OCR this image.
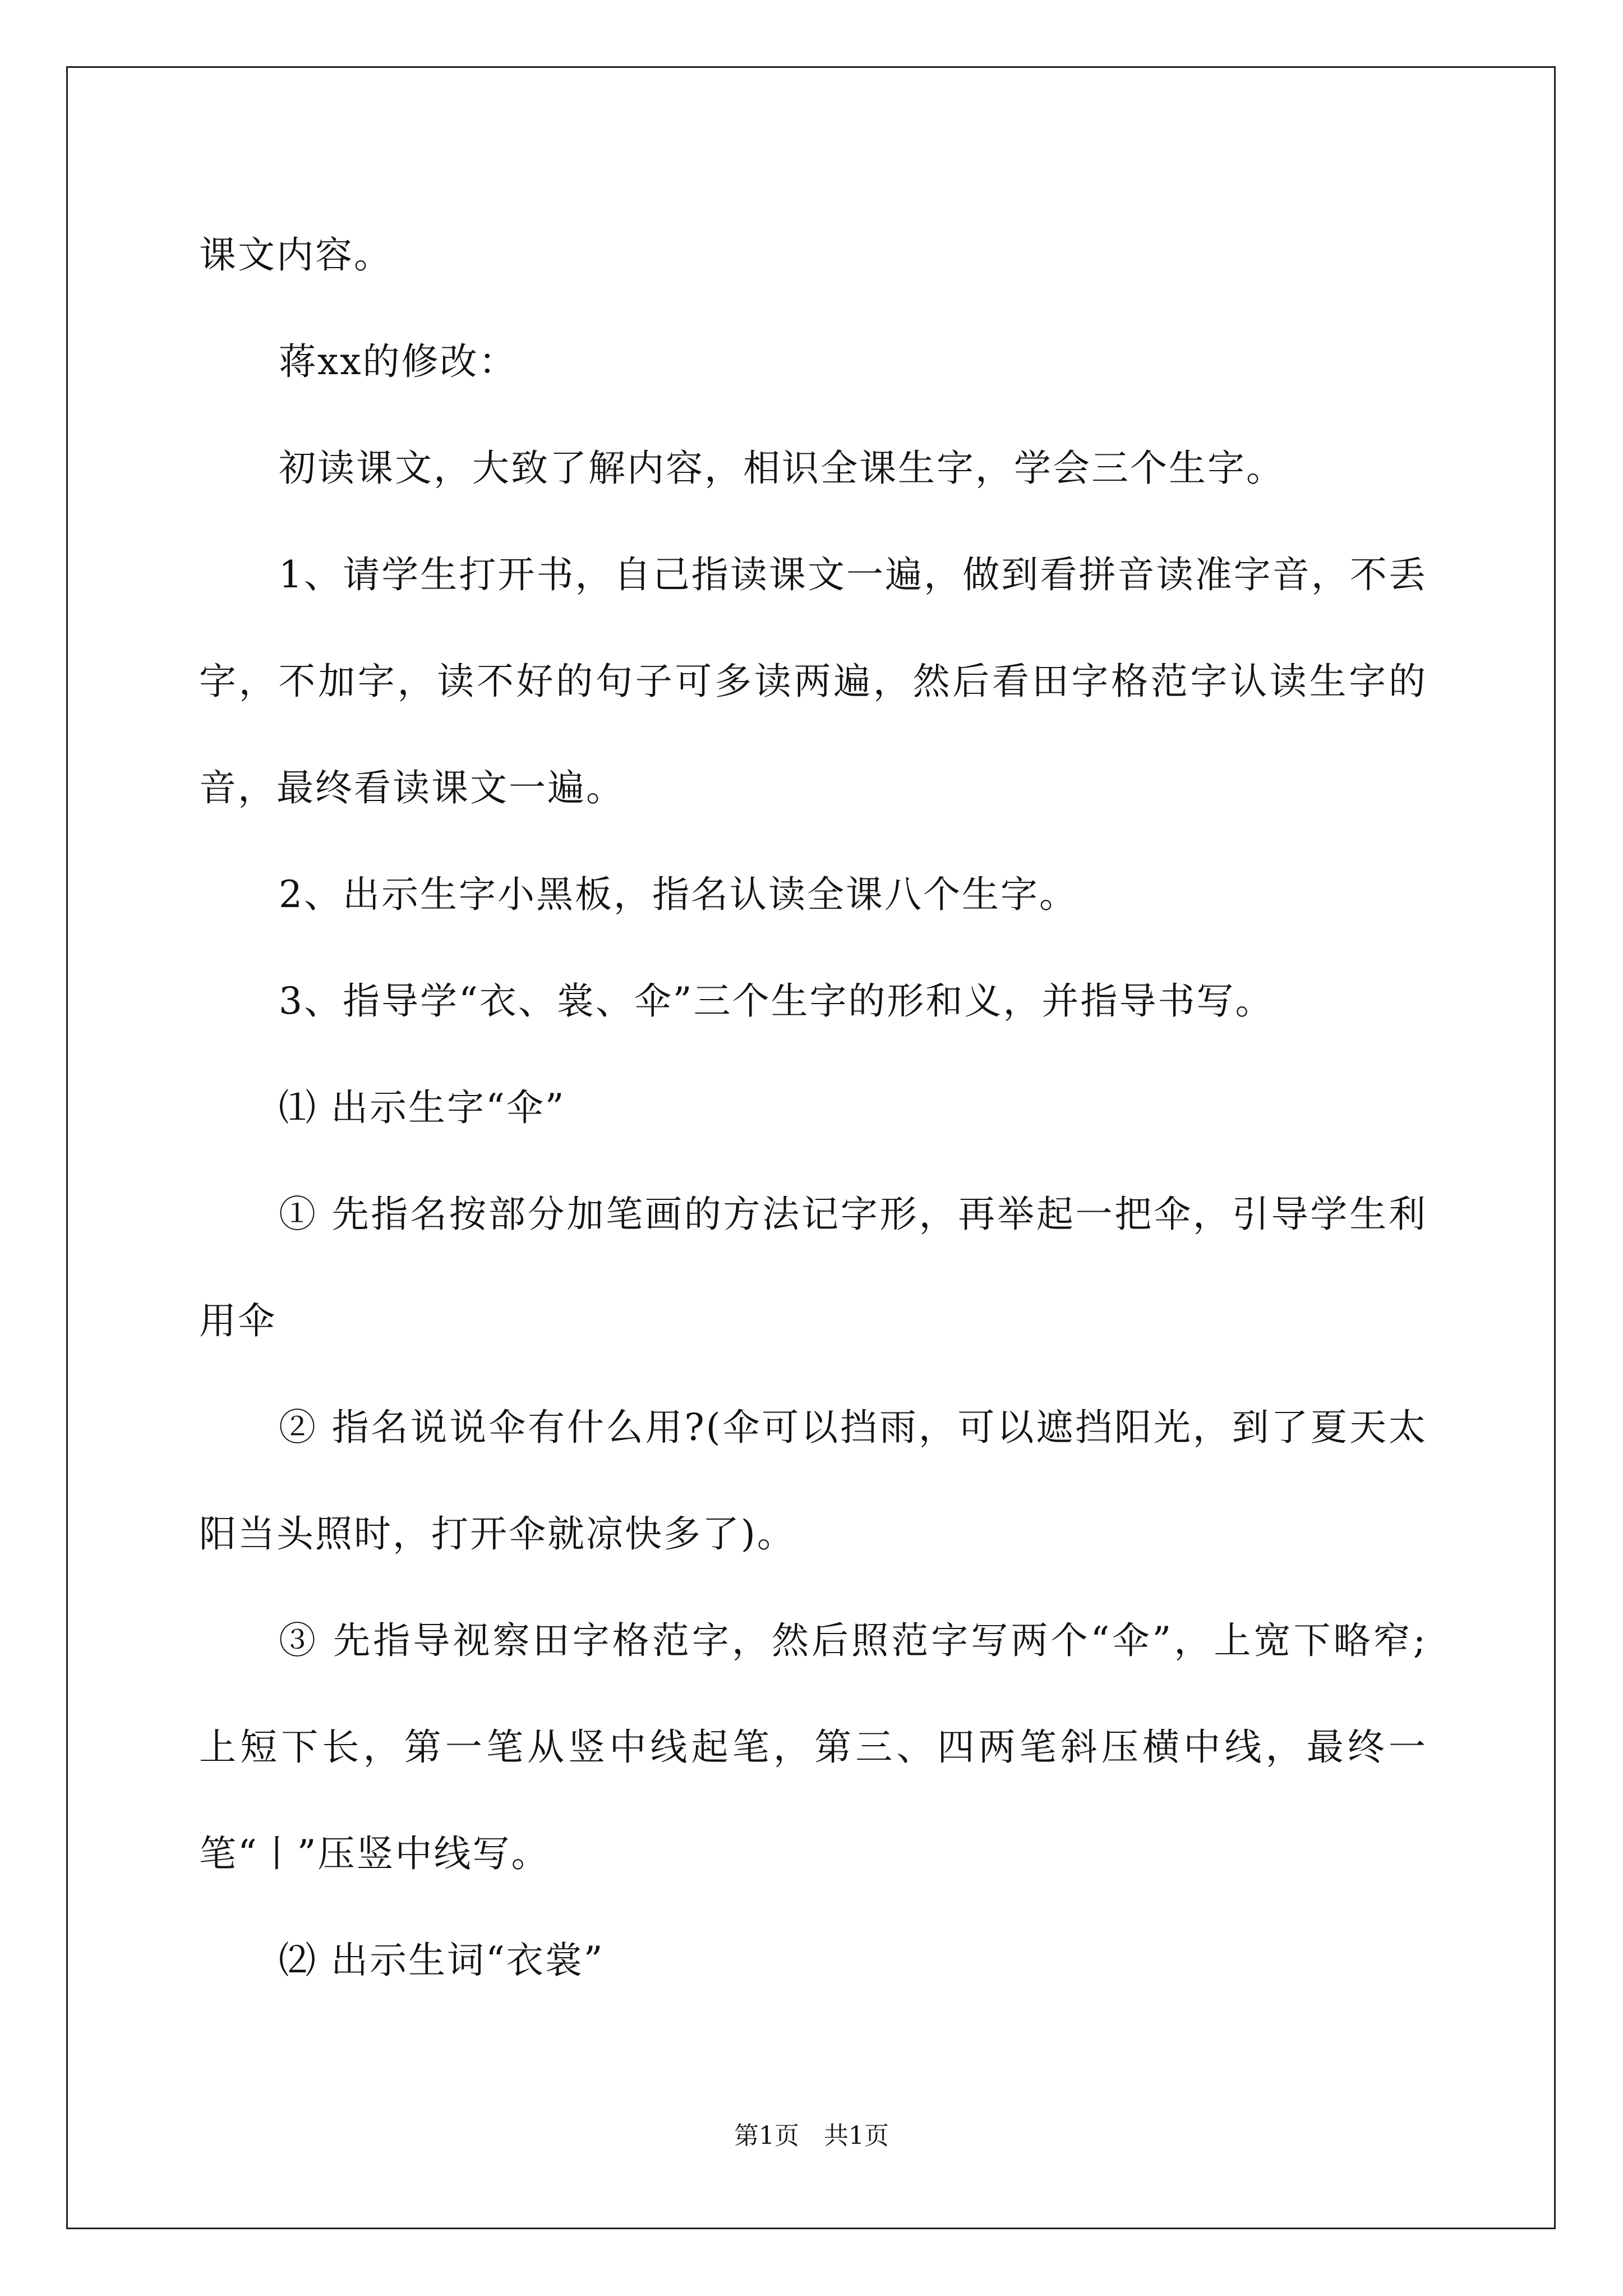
课文内容。

蒋xx的修改：

初读课文，大致了解内容，相识全课生字，学会三个生字。

1、请学生打开书，自己指读课文一遍，做到看拼音读准字音，不丢字，不加字，读不好的句子可多读两遍，然后看田字格范字认读生字的音，最终看读课文一遍。

2、出示生字小黑板，指名认读全课八个生字。

3、指导学“衣、裳、伞”三个生字的形和义，并指导书写。

⑴ 出示生字“伞”

① 先指名按部分加笔画的方法记字形，再举起一把伞，引导学生利用伞

② 指名说说伞有什么用?(伞可以挡雨，可以遮挡阳光，到了夏天太阳当头照时，打开伞就凉快多了)。

③ 先指导视察田字格范字，然后照范字写两个“伞”，上宽下略窄;上短下长，第一笔从竖中线起笔，第三、四两笔斜压横中线，最终一笔“丨”压竖中线写。

⑵ 出示生词“衣裳”

第1页　共1页
